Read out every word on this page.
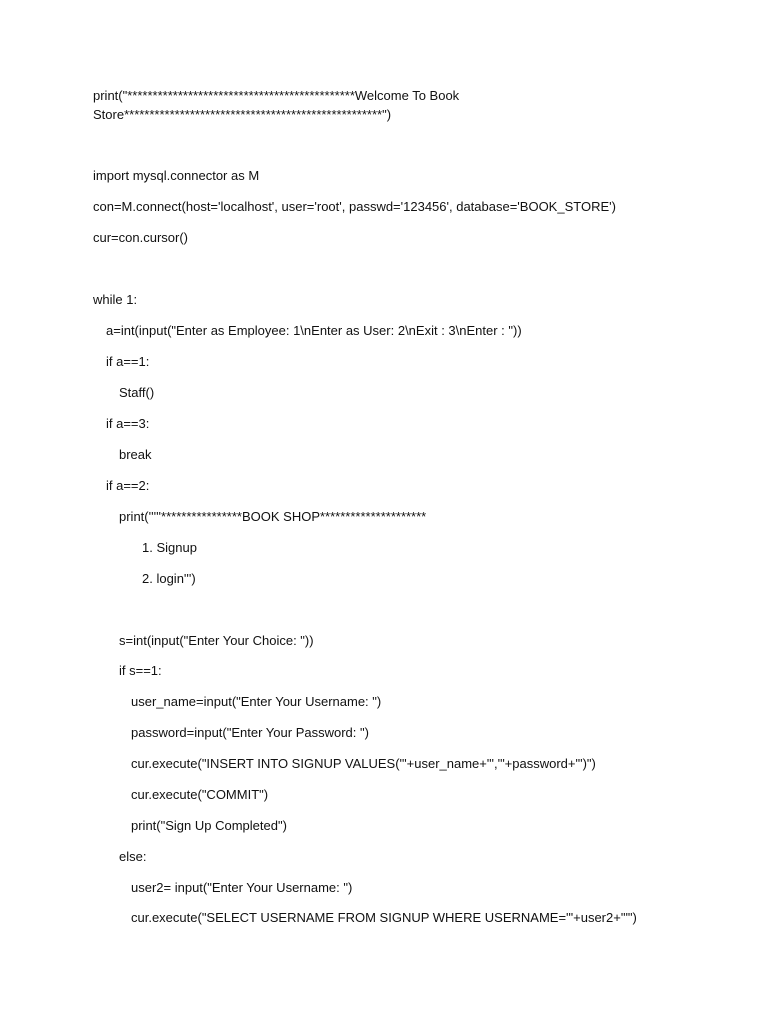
print("*********************************************Welcome To Book

Store***************************************************")

import mysql.connector as M

con=M.connect(host='localhost', user='root', passwd='123456', database='BOOK_STORE')

cur=con.cursor()

while 1:

a=int(input("Enter as Employee: 1\nEnter as User: 2\nExit : 3\nEnter : "))

if a==1:

Staff()

if a==3:

break

if a==2:

print('''''****************BOOK SHOP*********************

1. Signup

2. login''')

s=int(input("Enter Your Choice: "))

if s==1:

user_name=input("Enter Your Username: ")

password=input("Enter Your Password: ")

cur.execute("INSERT INTO SIGNUP VALUES('"+user_name+"','"+password+"')")

cur.execute("COMMIT")

print("Sign Up Completed")

else:

user2= input("Enter Your Username: ")

cur.execute("SELECT USERNAME FROM SIGNUP WHERE USERNAME='"+user2+"'")
